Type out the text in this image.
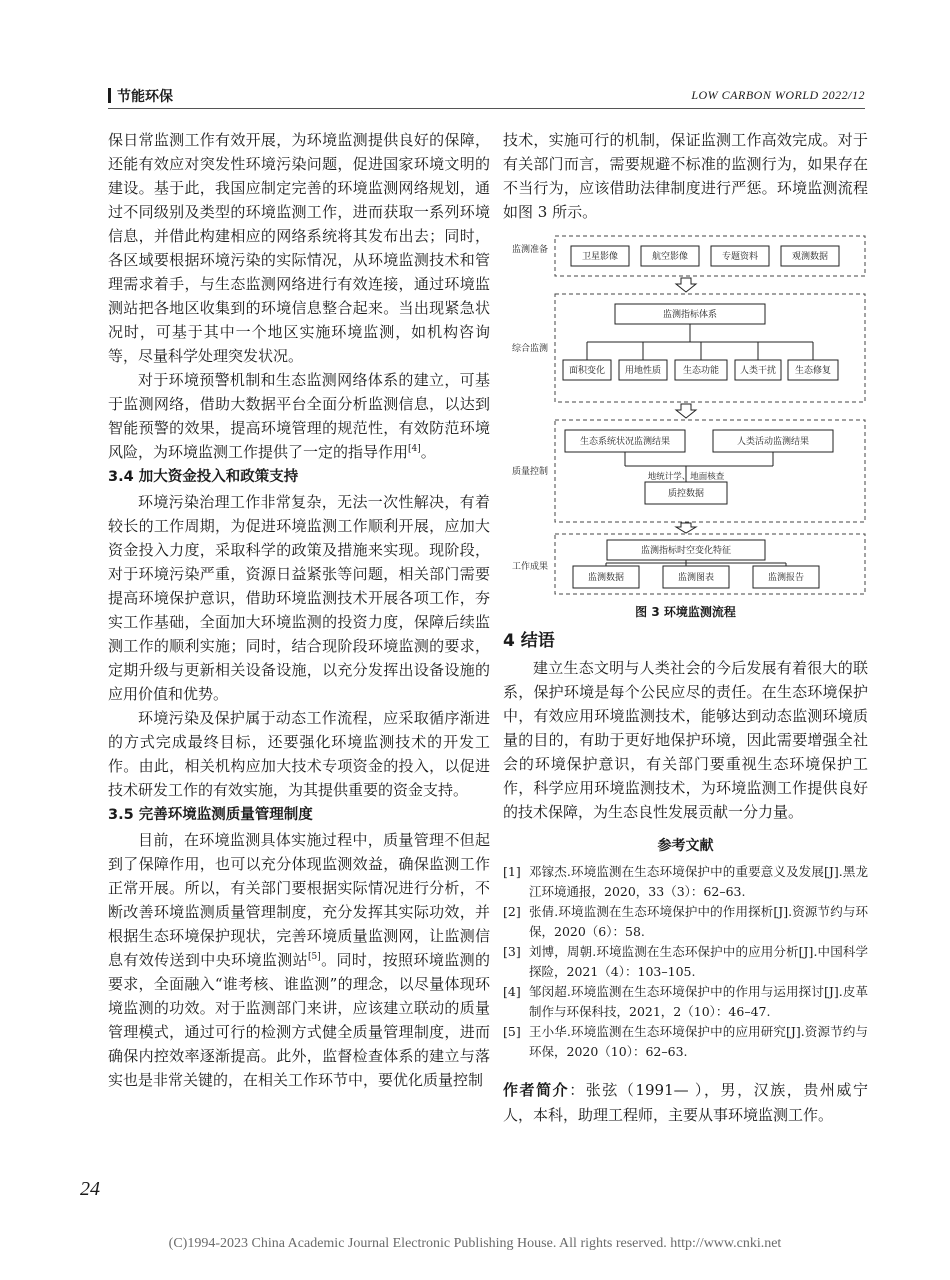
节能环保	LOW CARBON WORLD 2022/12

保日常监测工作有效开展，为环境监测提供良好的保障，还能有效应对突发性环境污染问题，促进国家环境文明的建设。基于此，我国应制定完善的环境监测网络规划，通过不同级别及类型的环境监测工作，进而获取一系列环境信息，并借此构建相应的网络系统将其发布出去；同时，各区域要根据环境污染的实际情况，从环境监测技术和管理需求着手，与生态监测网络进行有效连接，通过环境监测站把各地区收集到的环境信息整合起来。当出现紧急状况时，可基于其中一个地区实施环境监测，如机构咨询等，尽量科学处理突发状况。

对于环境预警机制和生态监测网络体系的建立，可基于监测网络，借助大数据平台全面分析监测信息，以达到智能预警的效果，提高环境管理的规范性，有效防范环境风险，为环境监测工作提供了一定的指导作用[4]。

3.4 加大资金投入和政策支持

环境污染治理工作非常复杂，无法一次性解决，有着较长的工作周期，为促进环境监测工作顺利开展，应加大资金投入力度，采取科学的政策及措施来实现。现阶段，对于环境污染严重，资源日益紧张等问题，相关部门需要提高环境保护意识，借助环境监测技术开展各项工作，夯实工作基础，全面加大环境监测的投资力度，保障后续监测工作的顺利实施；同时，结合现阶段环境监测的要求，定期升级与更新相关设备设施，以充分发挥出设备设施的应用价值和优势。

环境污染及保护属于动态工作流程，应采取循序渐进的方式完成最终目标，还要强化环境监测技术的开发工作。由此，相关机构应加大技术专项资金的投入，以促进技术研发工作的有效实施，为其提供重要的资金支持。

3.5 完善环境监测质量管理制度

目前，在环境监测具体实施过程中，质量管理不但起到了保障作用，也可以充分体现监测效益，确保监测工作正常开展。所以，有关部门要根据实际情况进行分析，不断改善环境监测质量管理制度，充分发挥其实际功效，并根据生态环境保护现状，完善环境质量监测网，让监测信息有效传送到中央环境监测站[5]。同时，按照环境监测的要求，全面融入“谁考核、谁监测”的理念，以尽量体现环境监测的功效。对于监测部门来讲，应该建立联动的质量管理模式，通过可行的检测方式健全质量管理制度，进而确保内控效率逐渐提高。此外，监督检查体系的建立与落实也是非常关键的，在相关工作环节中，要优化质量控制

技术，实施可行的机制，保证监测工作高效完成。对于有关部门而言，需要规避不标准的监测行为，如果存在不当行为，应该借助法律制度进行严惩。环境监测流程如图 3 所示。

监测准备
综合监测
质量控制
工作成果
卫星影像	航空影像	专题资料	观测数据
监测指标体系
面积变化 用地性质 生态功能 人类干扰 生态修复
生态系统状况监测结果	人类活动监测结果
地统计学、地面核查
质控数据
监测指标时空变化特征
监测数据	监测图表	监测报告
图 3 环境监测流程
4 结语

建立生态文明与人类社会的今后发展有着很大的联系，保护环境是每个公民应尽的责任。在生态环境保护中，有效应用环境监测技术，能够达到动态监测环境质量的目的，有助于更好地保护环境，因此需要增强全社会的环境保护意识，有关部门要重视生态环境保护工作，科学应用环境监测技术，为环境监测工作提供良好的技术保障，为生态良性发展贡献一分力量。

参考文献
[1] 邓镓杰.环境监测在生态环境保护中的重要意义及发展[J].黑龙江环境通报，2020，33（3）：62–63.
[2] 张倩.环境监测在生态环境保护中的作用探析[J].资源节约与环保，2020（6）：58.
[3] 刘博，周朝.环境监测在生态环保护中的应用分析[J].中国科学探险，2021（4）：103–105.
[4] 邹闵超.环境监测在生态环境保护中的作用与运用探讨[J].皮革制作与环保科技，2021，2（10）：46–47.
[5] 王小华.环境监测在生态环境保护中的应用研究[J].资源节约与环保，2020（10）：62–63.
作者简介：张弦（1991— ），男，汉族，贵州威宁人，本科，助理工程师，主要从事环境监测工作。
24
(C)1994-2023 China Academic Journal Electronic Publishing House. All rights reserved. http://www.cnki.net
